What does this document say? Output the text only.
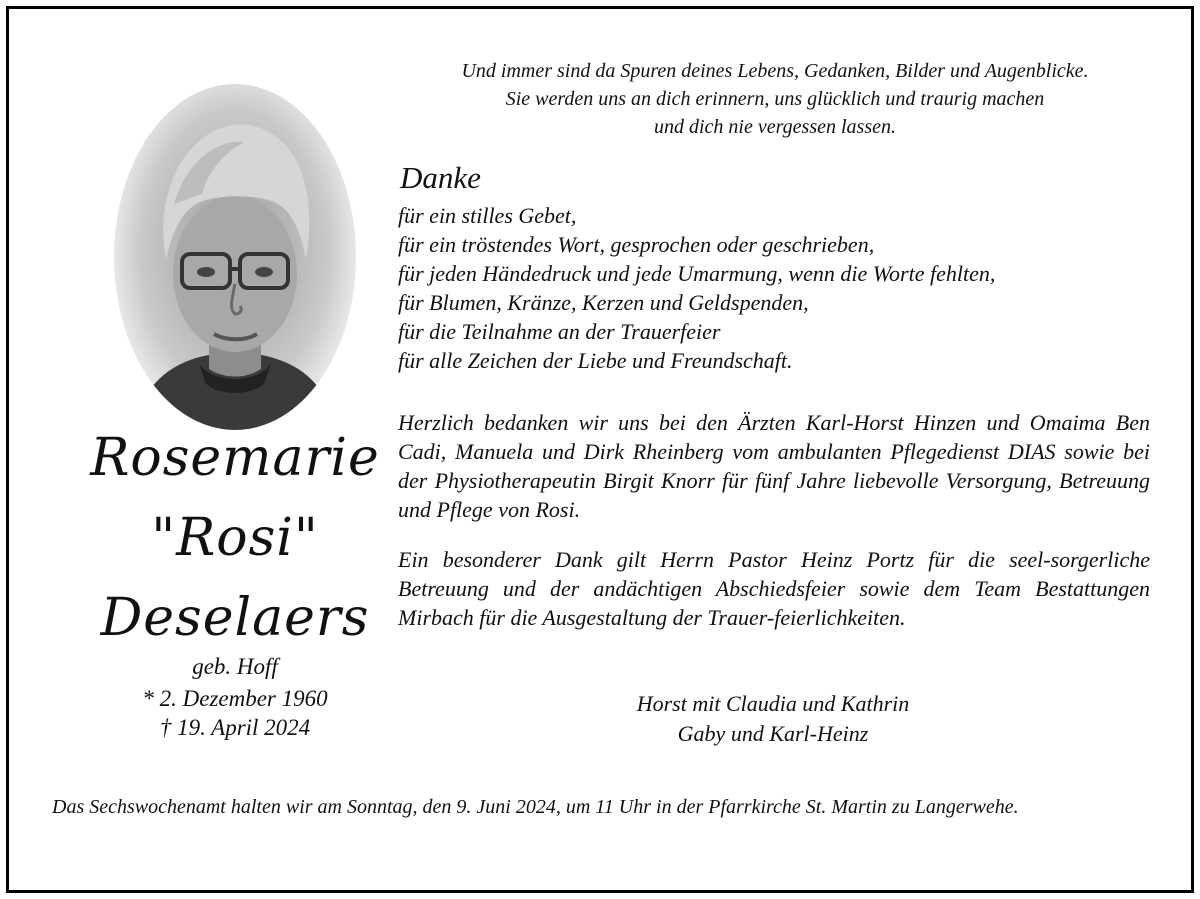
Und immer sind da Spuren deines Lebens, Gedanken, Bilder und Augenblicke.
Sie werden uns an dich erinnern, uns glücklich und traurig machen
und dich nie vergessen lassen.
Danke
für ein stilles Gebet,
für ein tröstendes Wort, gesprochen oder geschrieben,
für jeden Händedruck und jede Umarmung, wenn die Worte fehlten,
für Blumen, Kränze, Kerzen und Geldspenden,
für die Teilnahme an der Trauerfeier
für alle Zeichen der Liebe und Freundschaft.
Herzlich bedanken wir uns bei den Ärzten Karl-Horst Hinzen und Omaima Ben Cadi, Manuela und Dirk Rheinberg vom ambulanten Pflegedienst DIAS sowie bei der Physiotherapeutin Birgit Knorr für fünf Jahre liebevolle Versorgung, Betreuung und Pflege von Rosi.
Ein besonderer Dank gilt Herrn Pastor Heinz Portz für die seel-sorgerliche Betreuung und der andächtigen Abschiedsfeier sowie dem Team Bestattungen Mirbach für die Ausgestaltung der Trauer-feierlichkeiten.
Horst mit Claudia und Kathrin
Gaby und Karl-Heinz
Rosemarie
"Rosi"
Deselaers
geb. Hoff
* 2. Dezember 1960
† 19. April 2024
Das Sechswochenamt halten wir am Sonntag, den 9. Juni 2024, um 11 Uhr in der Pfarrkirche St. Martin zu Langerwehe.
